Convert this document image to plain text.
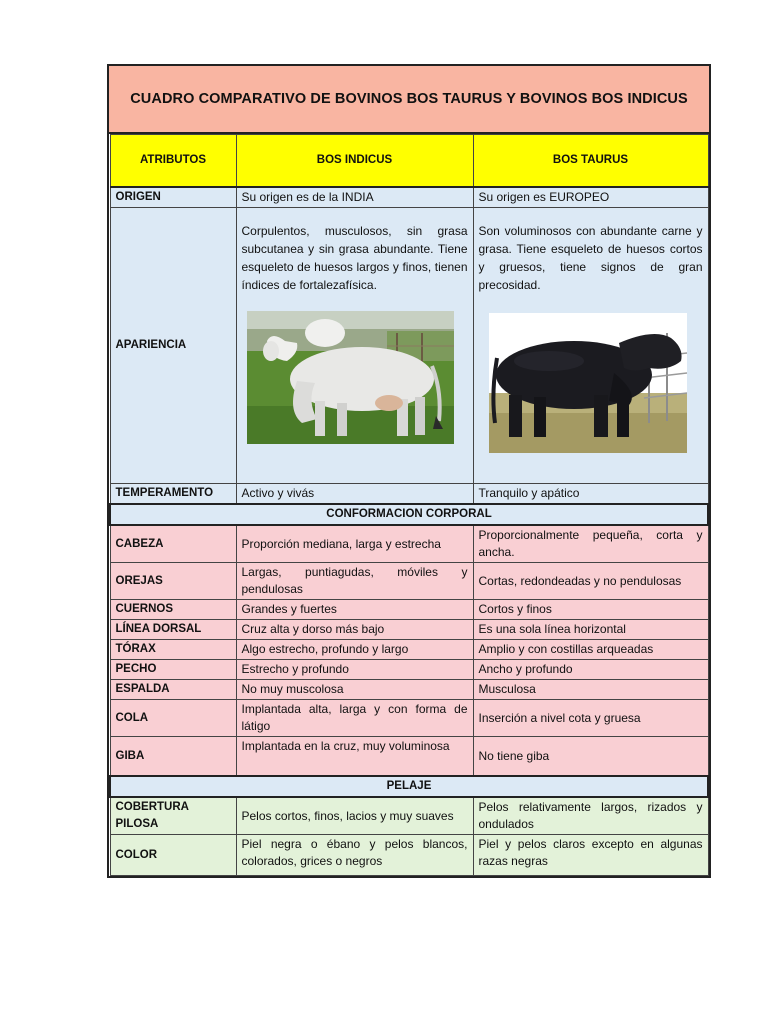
CUADRO COMPARATIVO DE BOVINOS BOS TAURUS Y BOVINOS BOS INDICUS
ATRIBUTOS	BOS INDICUS	BOS TAURUS
ORIGEN	Su origen es de la INDIA	Su origen es EUROPEO
APARIENCIA	Corpulentos, musculosos, sin grasa subcutanea y sin grasa abundante. Tiene esqueleto de huesos largos y finos, tienen índices de fortalezafísica.	Son voluminosos con abundante carne y grasa. Tiene esqueleto de huesos cortos y gruesos, tiene signos de gran precosidad.

TEMPERAMENTO	Activo y vivás	Tranquilo y apático
CONFORMACION CORPORAL		
CABEZA	Proporción mediana, larga y estrecha	Proporcionalmente pequeña, corta y ancha.
OREJAS	Largas, puntiagudas, móviles y pendulosas	Cortas, redondeadas y no pendulosas
CUERNOS	Grandes y fuertes	Cortos y finos
LÍNEA DORSAL	Cruz alta y dorso más bajo	Es una sola línea horizontal
TÓRAX	Algo estrecho, profundo y largo	Amplio y con costillas arqueadas
PECHO	Estrecho y profundo	Ancho y profundo
ESPALDA	No muy muscolosa	Musculosa
COLA	Implantada alta, larga y con forma de látigo	Inserción a nivel cota y gruesa
GIBA	Implantada en la cruz, muy voluminosa	No tiene giba
PELAJE		
COBERTURA PILOSA	Pelos cortos, finos, lacios y muy suaves	Pelos relativamente largos, rizados y ondulados
COLOR	Piel negra o ébano y pelos blancos, colorados, grices o negros	Piel y pelos claros excepto en algunas razas negras
